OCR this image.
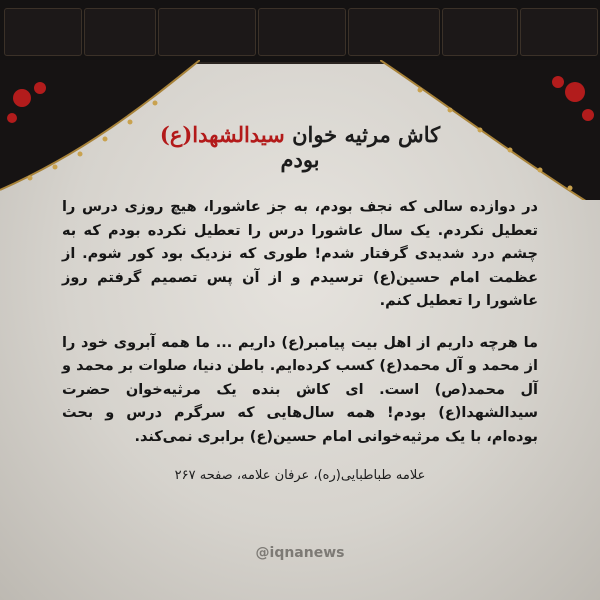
کاش مرثیه خوان سیدالشهدا(ع) بودم

در دوازده سالی که نجف بودم، به جز عاشورا، هیچ روزی درس را تعطیل نکردم. یک سال عاشورا درس را تعطیل نکرده بودم که به چشم درد شدیدی گرفتار شدم! طوری که نزدیک بود کور شوم. از عظمت امام حسین(ع) ترسیدم و از آن پس تصمیم گرفتم روز عاشورا را تعطیل کنم.

ما هرچه داریم از اهل بیت پیامبر(ع) داریم ... ما همه آبروی خود را از محمد و آل محمد(ع) کسب کرده‌ایم. باطن دنیا، صلوات بر محمد و آل محمد(ص) است. ای کاش بنده یک مرثیه‌خوان حضرت سیدالشهدا(ع) بودم! همه سال‌هایی که سرگرم درس و بحث بوده‌ام، با یک مرثیه‌خوانی امام حسین(ع) برابری نمی‌کند.

علامه طباطبایی(ره)، عرفان علامه، صفحه ۲۶۷
@iqnanews
